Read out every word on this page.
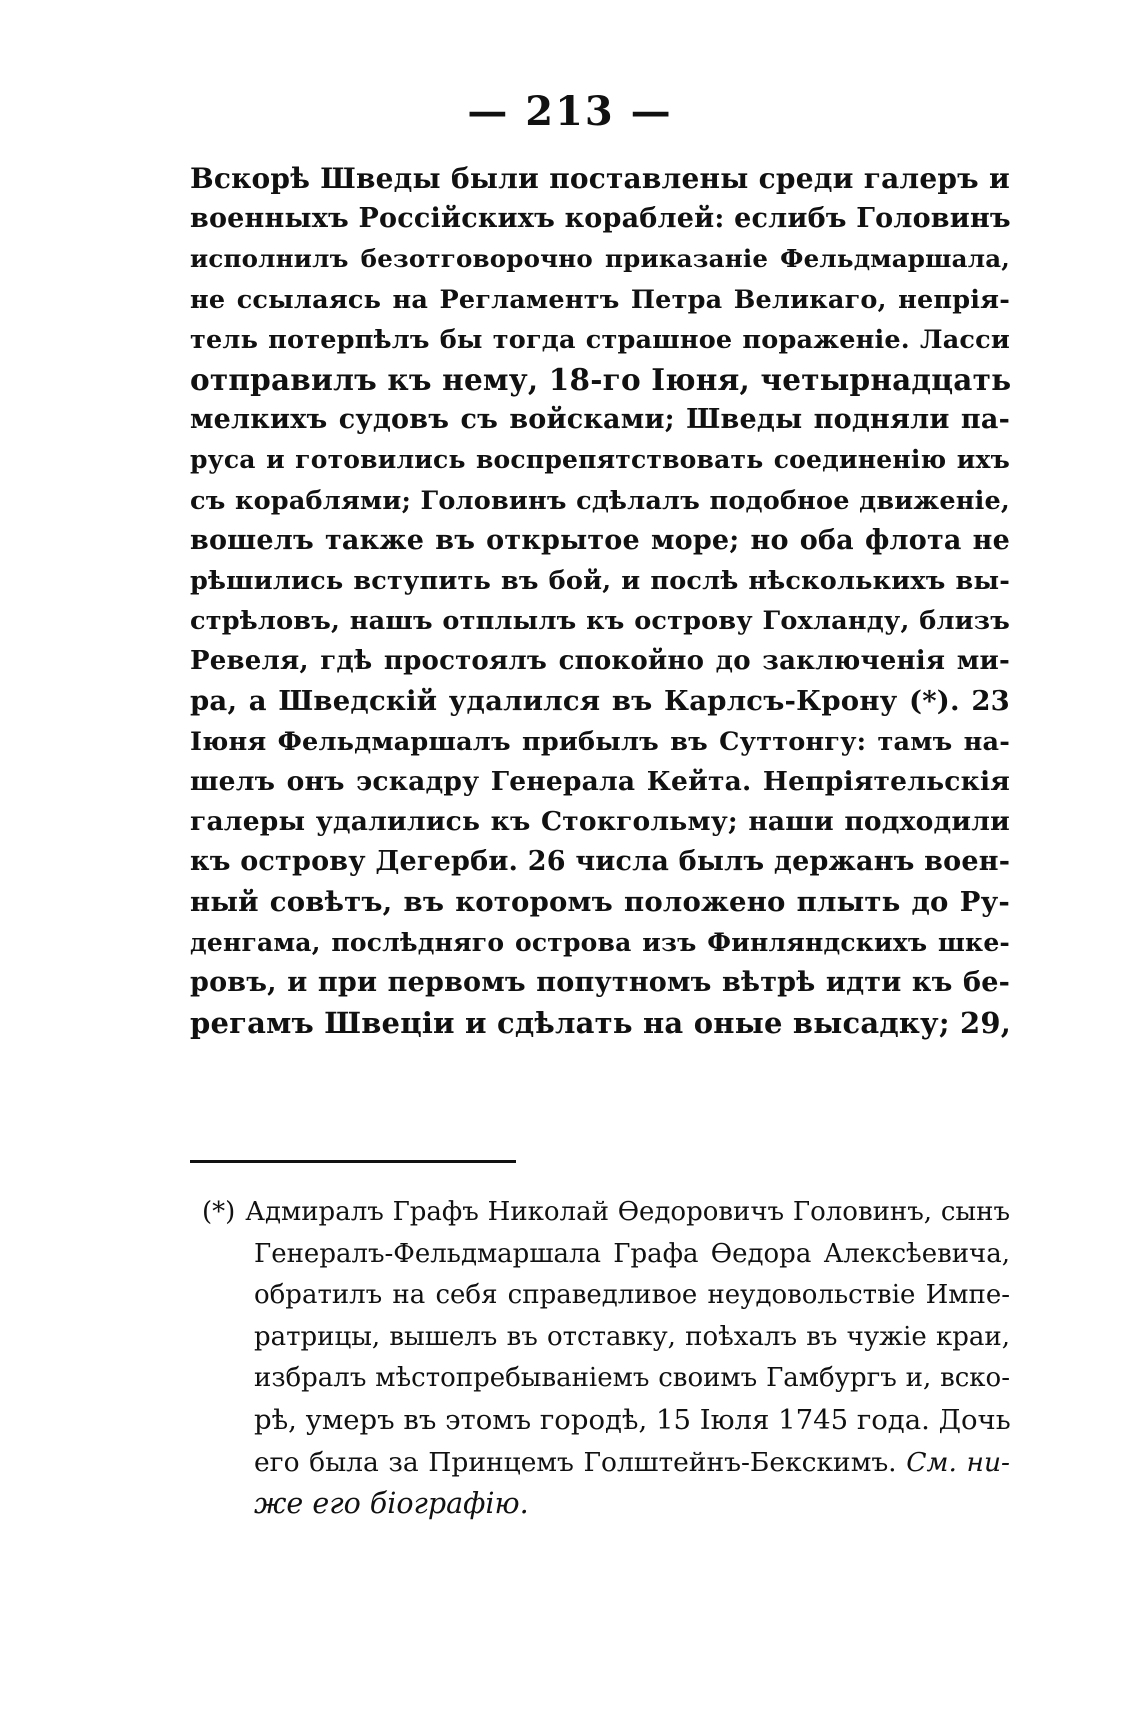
— 213 —
Вскорѣ Шведы были поставлены среди галеръ и
военныхъ Россійскихъ кораблей: еслибъ Головинъ
исполнилъ безотговорочно приказаніе Фельдмаршала,
не ссылаясь на Регламентъ Петра Великаго, непрія-
тель потерпѣлъ бы тогда страшное пораженіе. Ласси
отправилъ къ нему, 18-го Іюня, четырнадцать
мелкихъ судовъ съ войсками; Шведы подняли па-
руса и готовились воспрепятствовать соединенію ихъ
съ кораблями; Головинъ сдѣлалъ подобное движеніе,
вошелъ также въ открытое море; но оба флота не
рѣшились вступить въ бой, и послѣ нѣсколькихъ вы-
стрѣловъ, нашъ отплылъ къ острову Гохланду, близъ
Ревеля, гдѣ простоялъ спокойно до заключенія ми-
ра, а Шведскій удалился въ Карлсъ-Крону (*). 23
Іюня Фельдмаршалъ прибылъ въ Суттонгу: тамъ на-
шелъ онъ эскадру Генерала Кейта. Непріятельскія
галеры удалились къ Стокгольму; наши подходили
къ острову Дегерби. 26 числа былъ держанъ воен-
ный совѣтъ, въ которомъ положено плыть до Ру-
денгама, послѣдняго острова изъ Финляндскихъ шке-
ровъ, и при первомъ попутномъ вѣтрѣ идти къ бе-
регамъ Швеціи и сдѣлать на оные высадку; 29,
(*) Адмиралъ Графъ Николай Ѳедоровичъ Головинъ, сынъ
Генералъ-Фельдмаршала Графа Ѳедора Алексѣевича,
обратилъ на себя справедливое неудовольствіе Импе-
ратрицы, вышелъ въ отставку, поѣхалъ въ чужіе краи,
избралъ мѣстопребываніемъ своимъ Гамбургъ и, вско-
рѣ, умеръ въ этомъ городѣ, 15 Іюля 1745 года. Дочь
его была за Принцемъ Голштейнъ-Бекскимъ. См. ни-
же его біографію.
